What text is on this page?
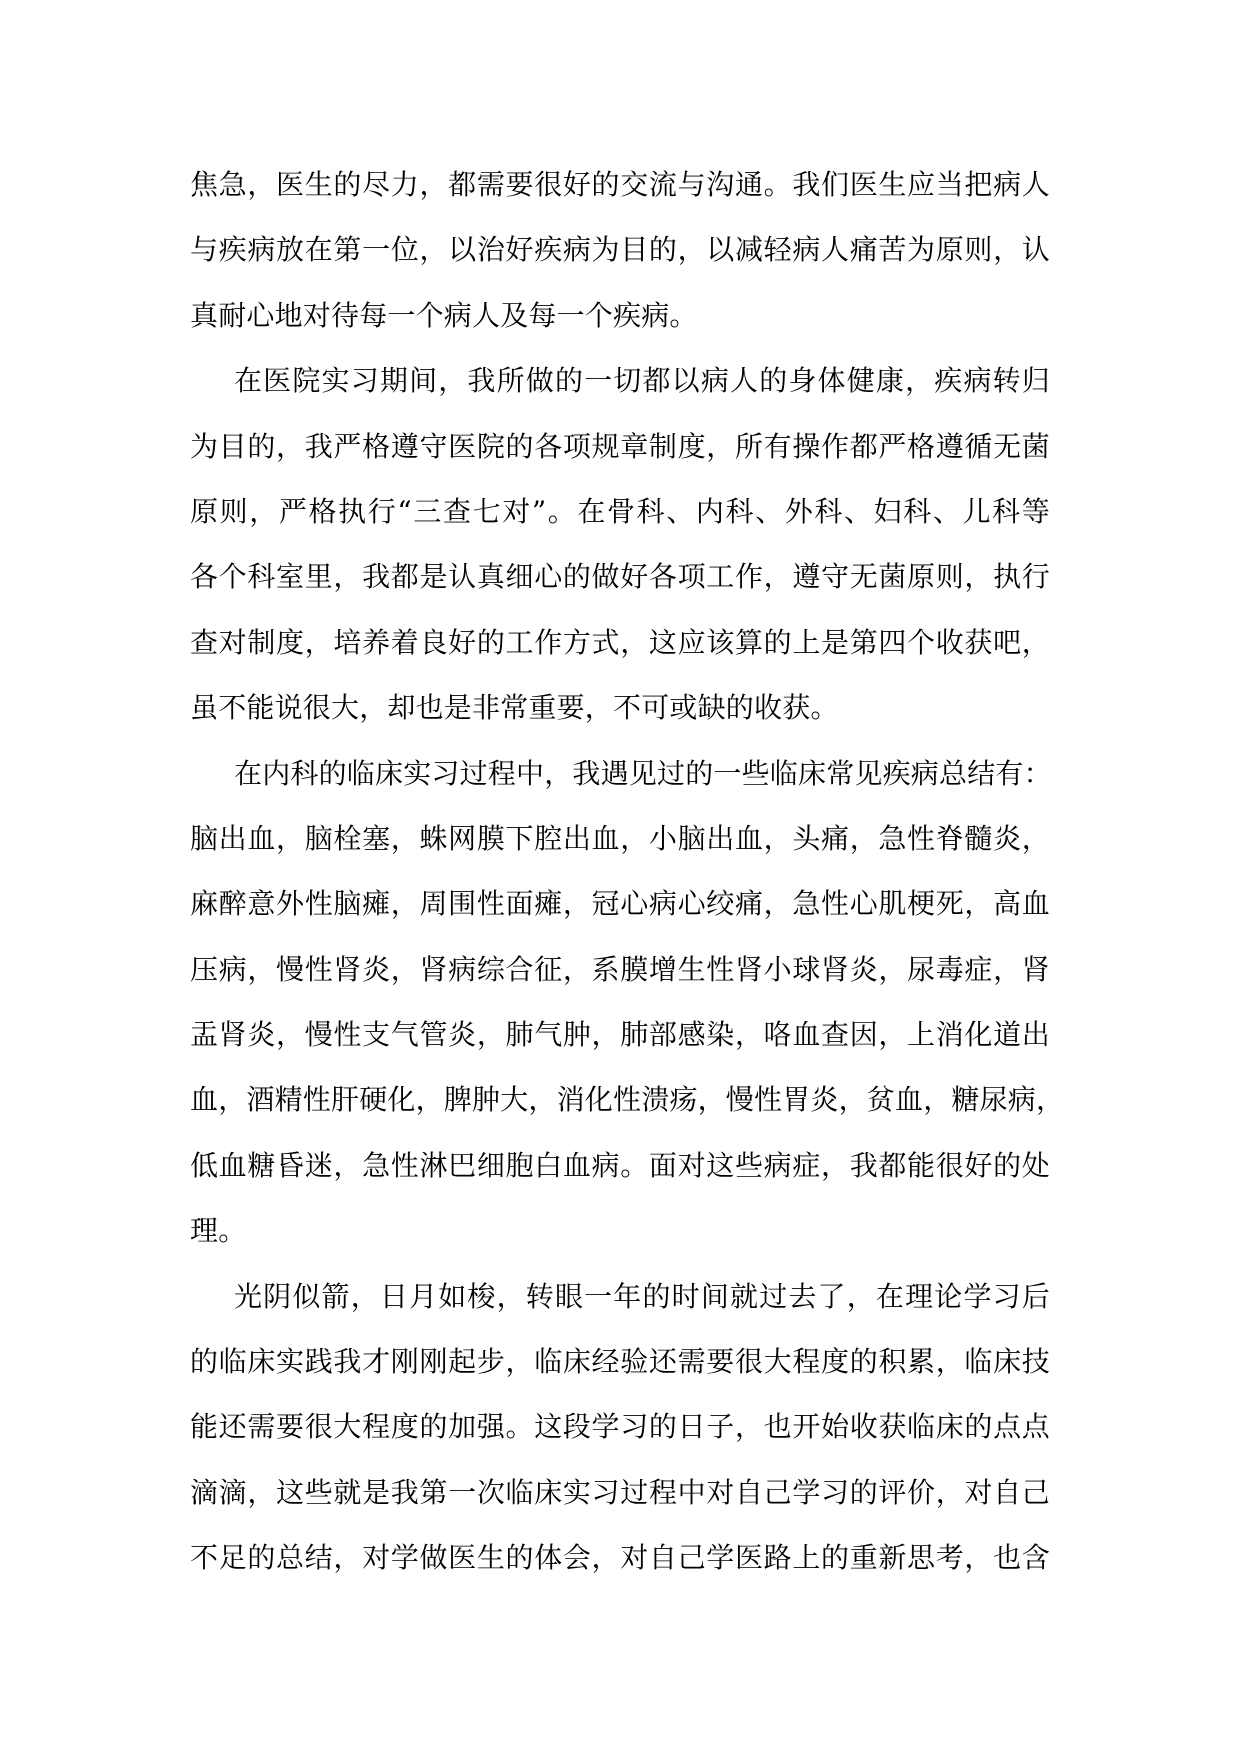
焦急，医生的尽力，都需要很好的交流与沟通。我们医生应当把病人
与疾病放在第一位，以治好疾病为目的，以减轻病人痛苦为原则，认
真耐心地对待每一个病人及每一个疾病。
在医院实习期间，我所做的一切都以病人的身体健康，疾病转归
为目的，我严格遵守医院的各项规章制度，所有操作都严格遵循无菌
原则，严格执行“三查七对”。在骨科、内科、外科、妇科、儿科等
各个科室里，我都是认真细心的做好各项工作，遵守无菌原则，执行
查对制度，培养着良好的工作方式，这应该算的上是第四个收获吧，
虽不能说很大，却也是非常重要，不可或缺的收获。
在内科的临床实习过程中，我遇见过的一些临床常见疾病总结有：
脑出血，脑栓塞，蛛网膜下腔出血，小脑出血，头痛，急性脊髓炎，
麻醉意外性脑瘫，周围性面瘫，冠心病心绞痛，急性心肌梗死，高血
压病，慢性肾炎，肾病综合征，系膜增生性肾小球肾炎，尿毒症，肾
盂肾炎，慢性支气管炎，肺气肿，肺部感染，咯血查因，上消化道出
血，酒精性肝硬化，脾肿大，消化性溃疡，慢性胃炎，贫血，糖尿病，
低血糖昏迷，急性淋巴细胞白血病。面对这些病症，我都能很好的处
理。
光阴似箭，日月如梭，转眼一年的时间就过去了，在理论学习后
的临床实践我才刚刚起步，临床经验还需要很大程度的积累，临床技
能还需要很大程度的加强。这段学习的日子，也开始收获临床的点点
滴滴，这些就是我第一次临床实习过程中对自己学习的评价，对自己
不足的总结，对学做医生的体会，对自己学医路上的重新思考，也含
